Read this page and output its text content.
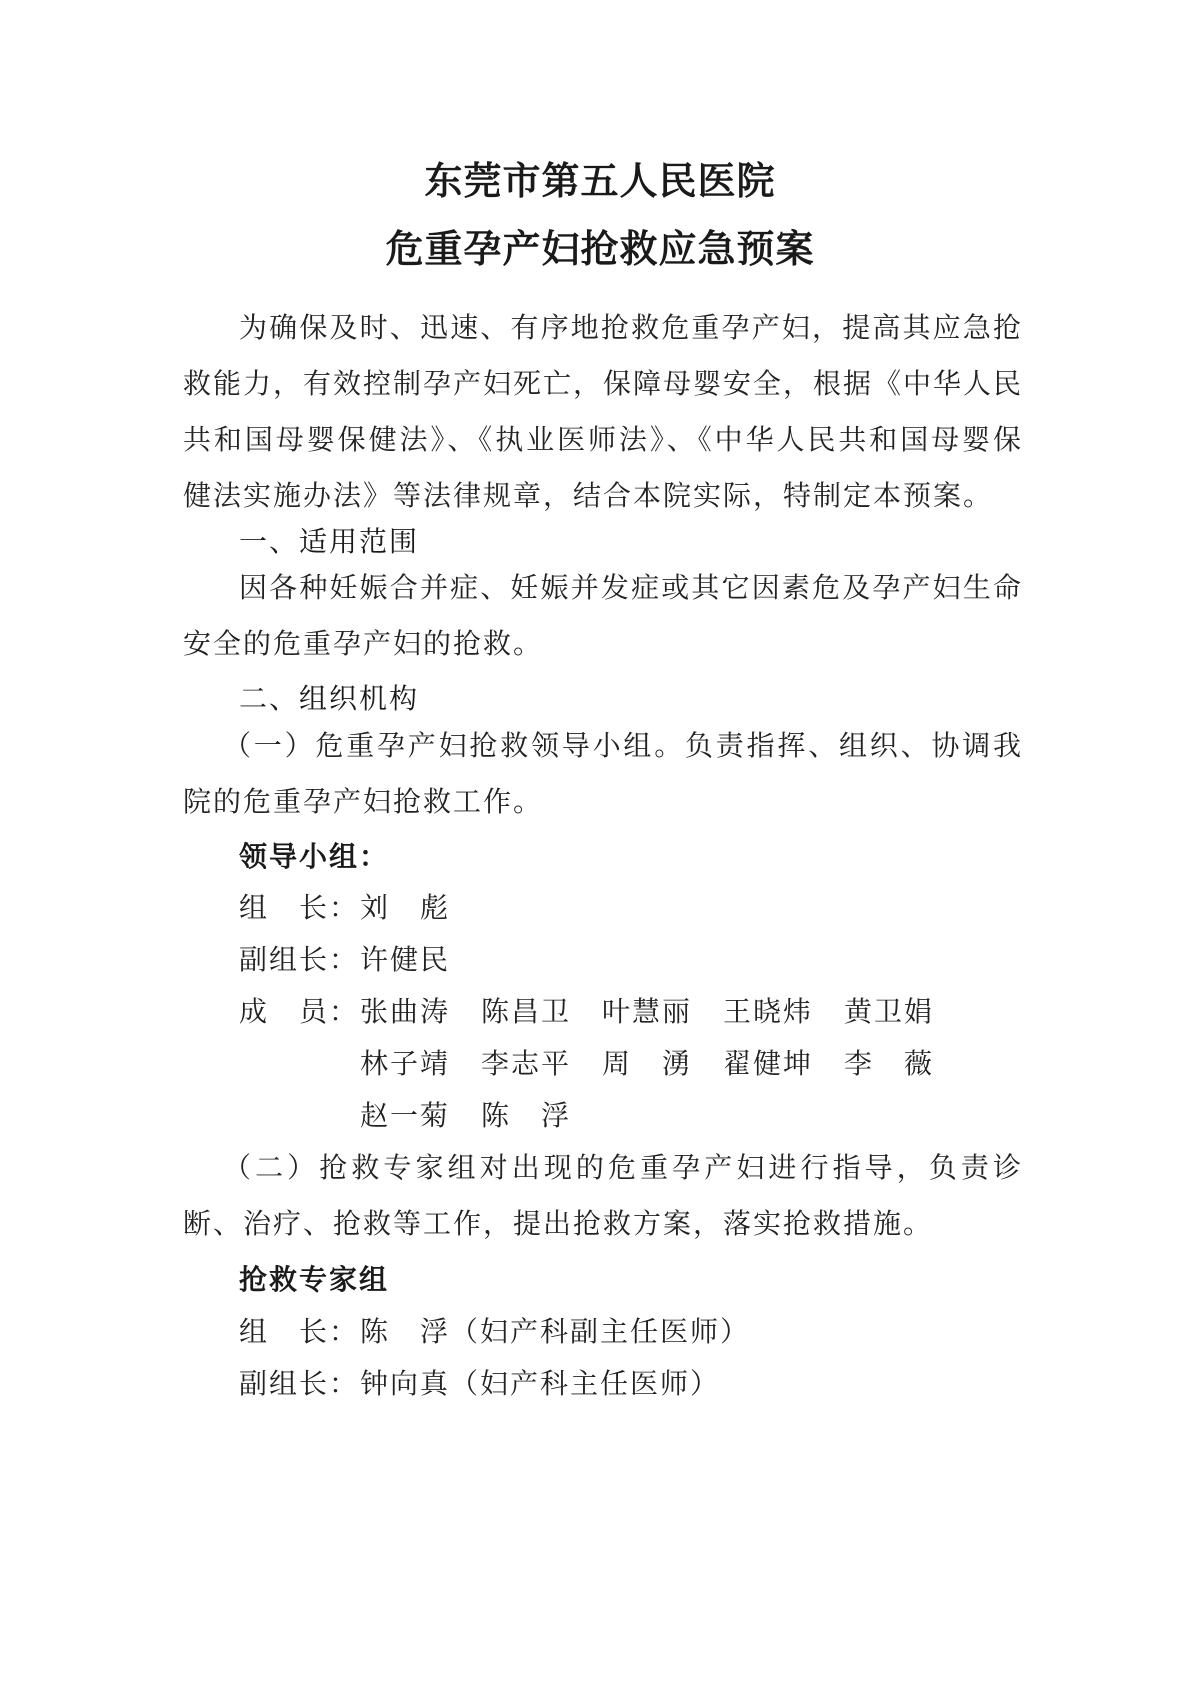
东莞市第五人民医院
危重孕产妇抢救应急预案

为确保及时、迅速、有序地抢救危重孕产妇，提高其应急抢救能力，有效控制孕产妇死亡，保障母婴安全，根据《中华人民共和国母婴保健法》、《执业医师法》、《中华人民共和国母婴保健法实施办法》等法律规章，结合本院实际，特制定本预案。

一、适用范围

因各种妊娠合并症、妊娠并发症或其它因素危及孕产妇生命安全的危重孕产妇的抢救。

二、组织机构

（一）危重孕产妇抢救领导小组。负责指挥、组织、协调我院的危重孕产妇抢救工作。

领导小组：
组　长：刘　彪
副组长：许健民
成　员： 张曲涛 陈昌卫 叶慧丽 王晓炜 黄卫娟
林子靖 李志平 周　湧 翟健坤 李　薇
赵一菊 陈　浮

（二）抢救专家组对出现的危重孕产妇进行指导，负责诊断、治疗、抢救等工作，提出抢救方案，落实抢救措施。

抢救专家组
组　长：陈　浮（妇产科副主任医师）
副组长：钟向真（妇产科主任医师）
